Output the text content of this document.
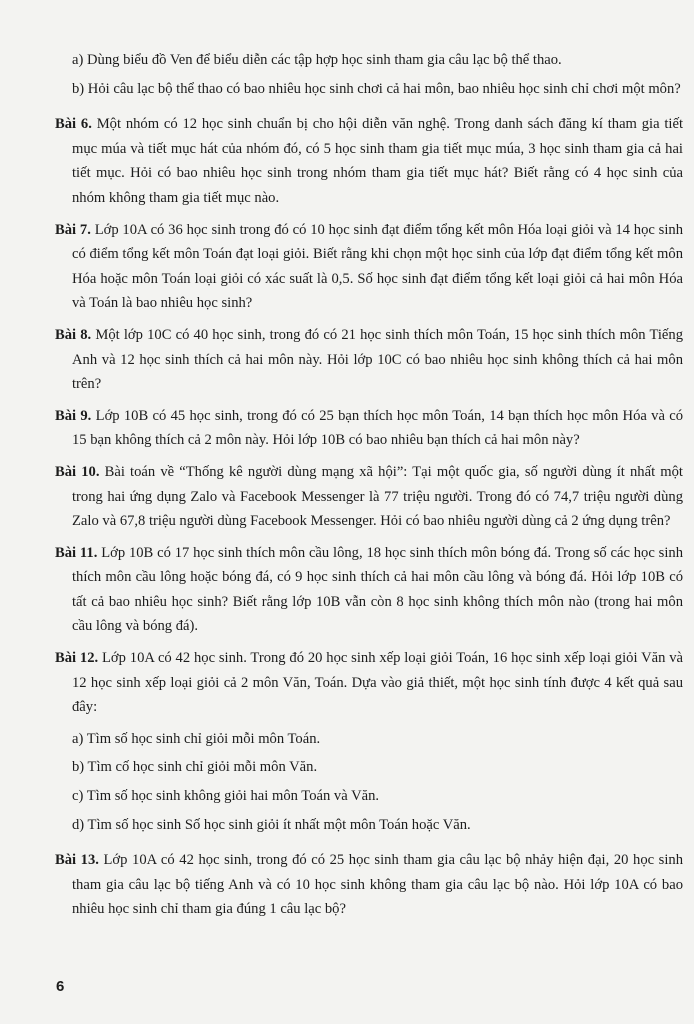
a) Dùng biểu đồ Ven để biểu diễn các tập hợp học sinh tham gia câu lạc bộ thể thao.

b) Hỏi câu lạc bộ thể thao có bao nhiêu học sinh chơi cả hai môn, bao nhiêu học sinh chỉ chơi một môn?

Bài 6. Một nhóm có 12 học sinh chuẩn bị cho hội diễn văn nghệ. Trong danh sách đăng kí tham gia tiết mục múa và tiết mục hát của nhóm đó, có 5 học sinh tham gia tiết mục múa, 3 học sinh tham gia cả hai tiết mục. Hỏi có bao nhiêu học sinh trong nhóm tham gia tiết mục hát? Biết rằng có 4 học sinh của nhóm không tham gia tiết mục nào.

Bài 7. Lớp 10A có 36 học sinh trong đó có 10 học sinh đạt điểm tổng kết môn Hóa loại giỏi và 14 học sinh có điểm tổng kết môn Toán đạt loại giỏi. Biết rằng khi chọn một học sinh của lớp đạt điểm tổng kết môn Hóa hoặc môn Toán loại giỏi có xác suất là 0,5. Số học sinh đạt điểm tổng kết loại giỏi cả hai môn Hóa và Toán là bao nhiêu học sinh?

Bài 8. Một lớp 10C có 40 học sinh, trong đó có 21 học sinh thích môn Toán, 15 học sinh thích môn Tiếng Anh và 12 học sinh thích cả hai môn này. Hỏi lớp 10C có bao nhiêu học sinh không thích cả hai môn trên?

Bài 9. Lớp 10B có 45 học sinh, trong đó có 25 bạn thích học môn Toán, 14 bạn thích học môn Hóa và có 15 bạn không thích cả 2 môn này. Hỏi lớp 10B có bao nhiêu bạn thích cả hai môn này?

Bài 10. Bài toán về “Thống kê người dùng mạng xã hội”: Tại một quốc gia, số người dùng ít nhất một trong hai ứng dụng Zalo và Facebook Messenger là 77 triệu người. Trong đó có 74,7 triệu người dùng Zalo và 67,8 triệu người dùng Facebook Messenger. Hỏi có bao nhiêu người dùng cả 2 ứng dụng trên?

Bài 11. Lớp 10B có 17 học sinh thích môn cầu lông, 18 học sinh thích môn bóng đá. Trong số các học sinh thích môn cầu lông hoặc bóng đá, có 9 học sinh thích cả hai môn cầu lông và bóng đá. Hỏi lớp 10B có tất cả bao nhiêu học sinh? Biết rằng lớp 10B vẫn còn 8 học sinh không thích môn nào (trong hai môn cầu lông và bóng đá).

Bài 12. Lớp 10A có 42 học sinh. Trong đó 20 học sinh xếp loại giỏi Toán, 16 học sinh xếp loại giỏi Văn và 12 học sinh xếp loại giỏi cả 2 môn Văn, Toán. Dựa vào giả thiết, một học sinh tính được 4 kết quả sau đây:

a) Tìm số học sinh chỉ giỏi mỗi môn Toán.

b) Tìm cố học sinh chỉ giỏi mỗi môn Văn.

c) Tìm số học sinh không giỏi hai môn Toán và Văn.

d) Tìm số học sinh Số học sinh giỏi ít nhất một môn Toán hoặc Văn.

Bài 13. Lớp 10A có 42 học sinh, trong đó có 25 học sinh tham gia câu lạc bộ nhảy hiện đại, 20 học sinh tham gia câu lạc bộ tiếng Anh và có 10 học sinh không tham gia câu lạc bộ nào. Hỏi lớp 10A có bao nhiêu học sinh chỉ tham gia đúng 1 câu lạc bộ?

6
